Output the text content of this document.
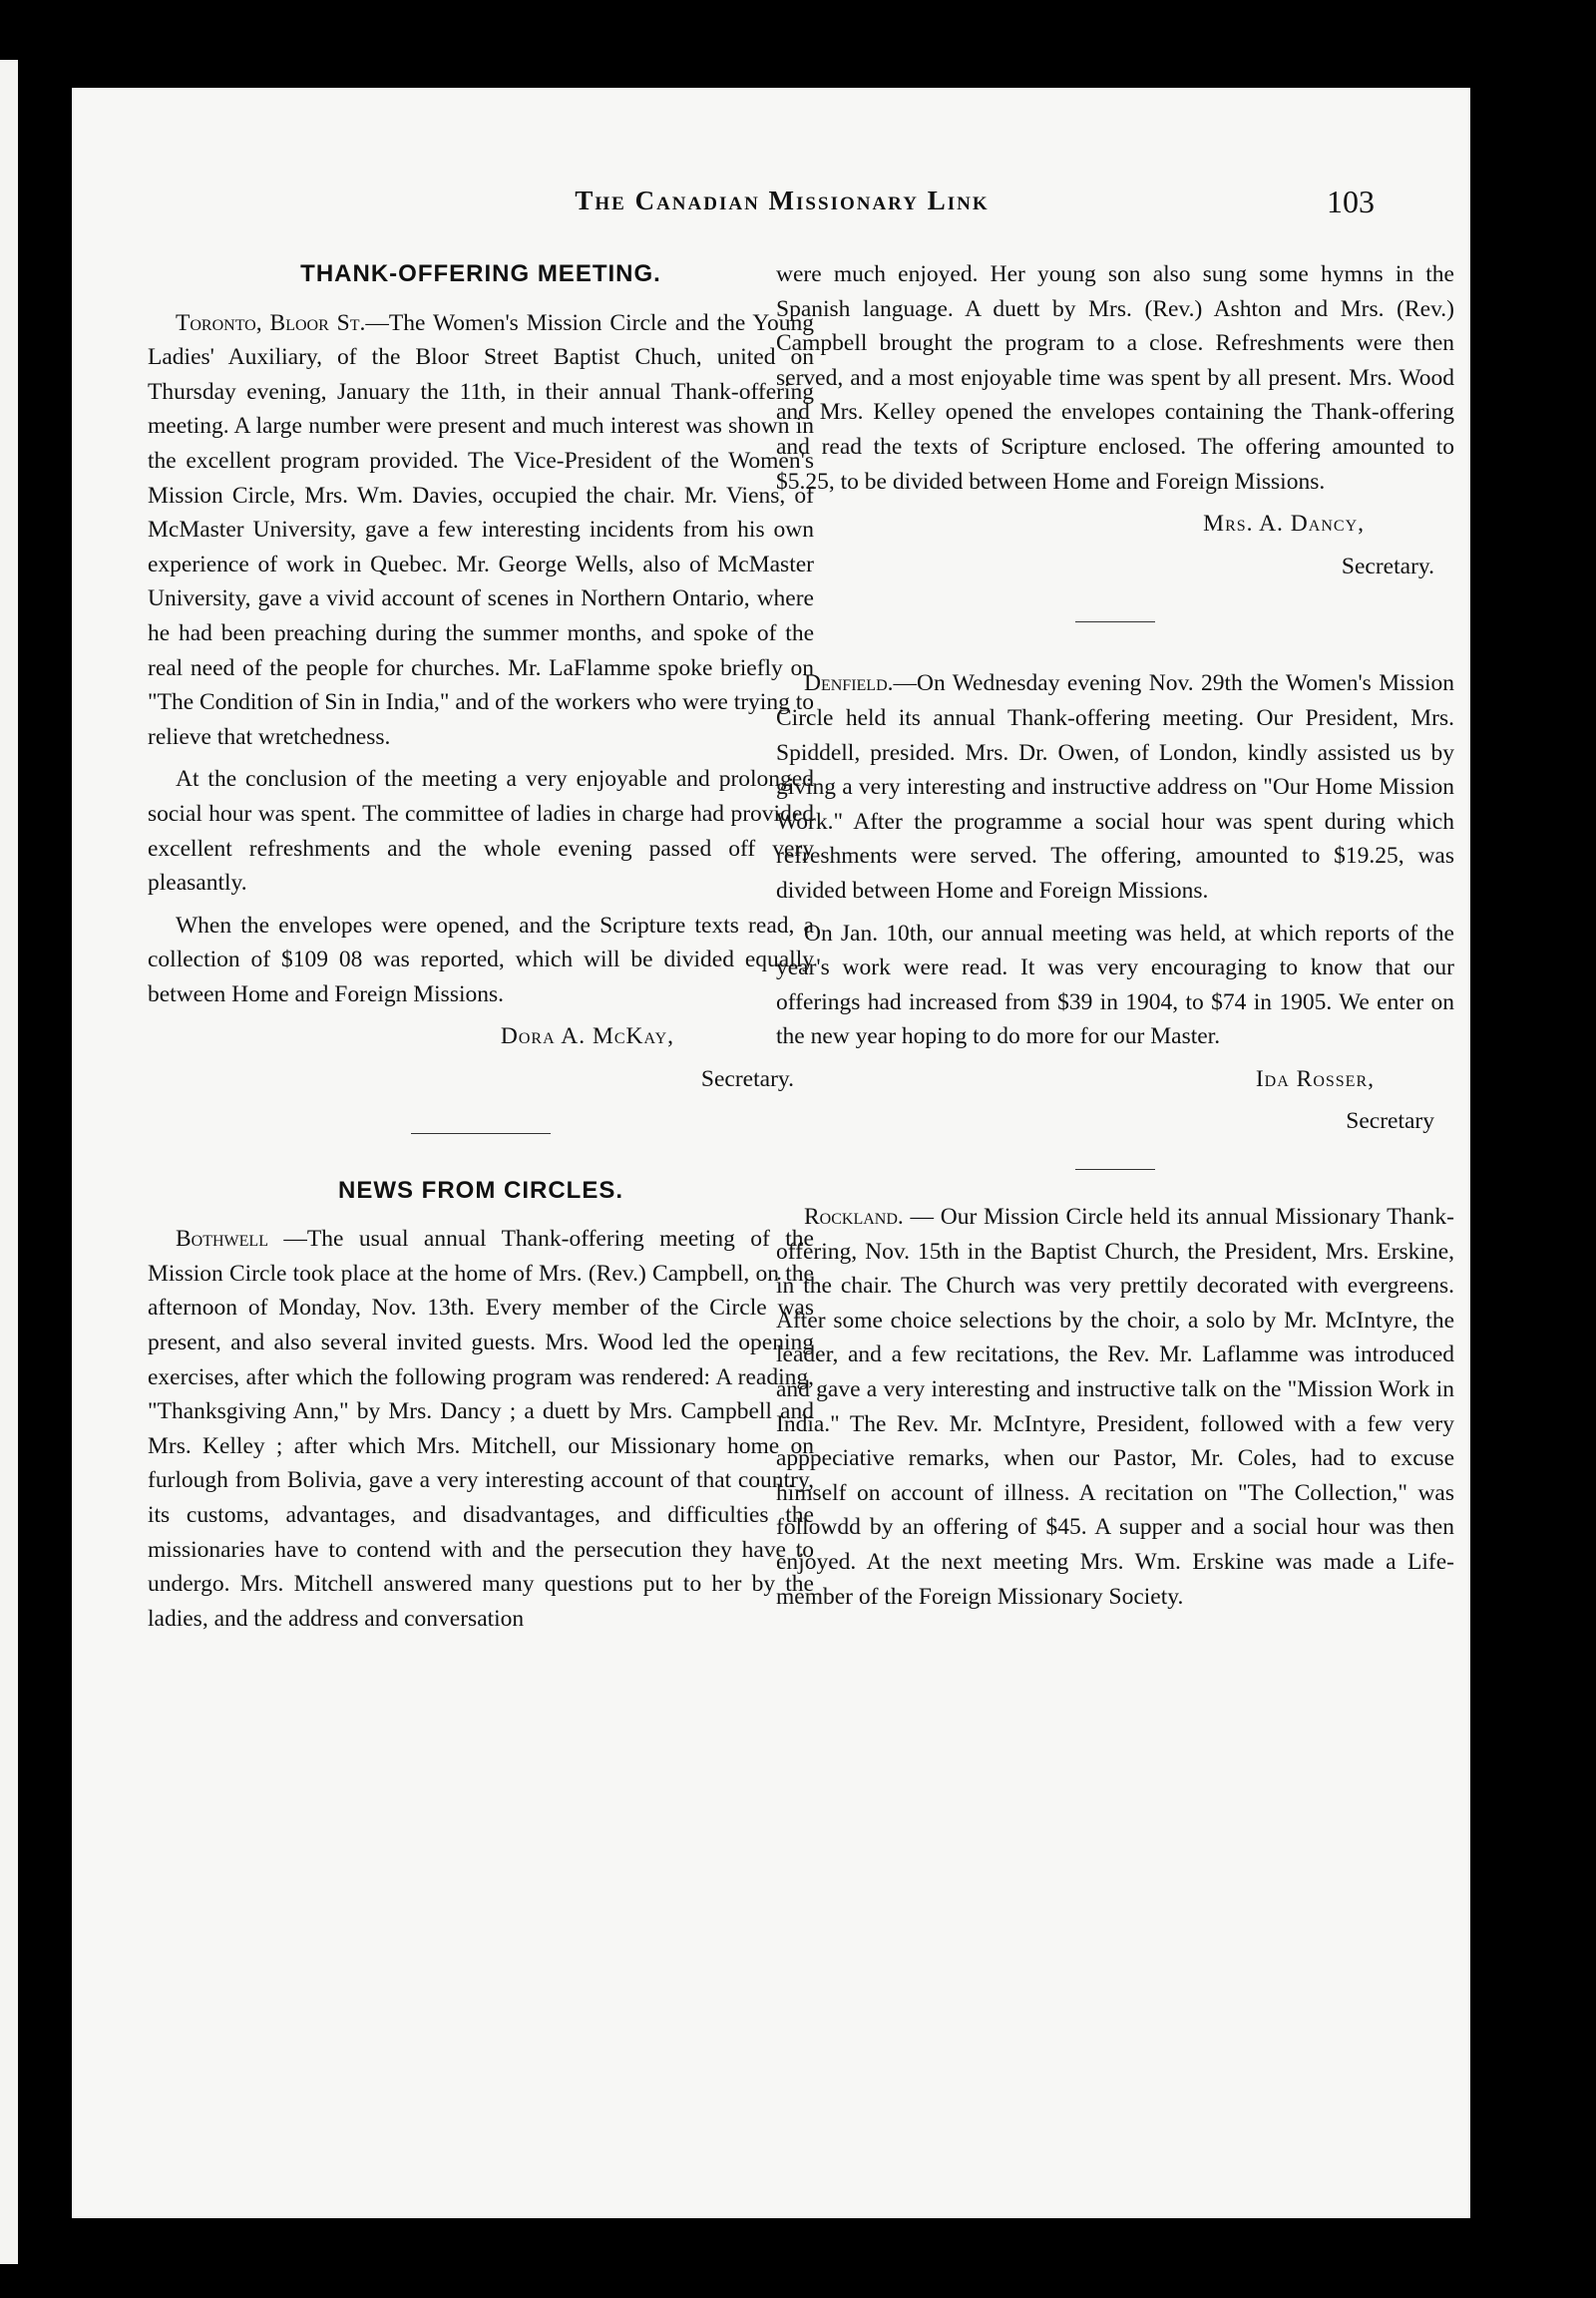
The Canadian Missionary Link	103
THANK-OFFERING MEETING.

Toronto, Bloor St.—The Women's Mission Circle and the Young Ladies' Auxiliary, of the Bloor Street Baptist Chuch, united on Thursday evening, January the 11th, in their annual Thank-offering meeting. A large number were present and much interest was shown in the excellent program provided. The Vice-President of the Women's Mission Circle, Mrs. Wm. Davies, occupied the chair. Mr. Viens, of McMaster University, gave a few interesting incidents from his own experience of work in Quebec. Mr. George Wells, also of McMaster University, gave a vivid account of scenes in Northern Ontario, where he had been preaching during the summer months, and spoke of the real need of the people for churches. Mr. LaFlamme spoke briefly on "The Condition of Sin in India," and of the workers who were trying to relieve that wretchedness.

At the conclusion of the meeting a very enjoyable and prolonged social hour was spent. The committee of ladies in charge had provided excellent refreshments and the whole evening passed off very pleasantly.

When the envelopes were opened, and the Scripture texts read, a collection of $109 08 was reported, which will be divided equally between Home and Foreign Missions.

Dora A. McKay,

Secretary.

NEWS FROM CIRCLES.

Bothwell —The usual annual Thank-offering meeting of the Mission Circle took place at the home of Mrs. (Rev.) Campbell, on the afternoon of Monday, Nov. 13th. Every member of the Circle was present, and also several invited guests. Mrs. Wood led the opening exercises, after which the following program was rendered: A reading, "Thanksgiving Ann," by Mrs. Dancy ; a duett by Mrs. Campbell and Mrs. Kelley ; after which Mrs. Mitchell, our Missionary home on furlough from Bolivia, gave a very interesting account of that country, its customs, advantages, and disadvantages, and difficulties the missionaries have to contend with and the persecution they have to undergo. Mrs. Mitchell answered many questions put to her by the ladies, and the address and conversation

were much enjoyed. Her young son also sung some hymns in the Spanish language. A duett by Mrs. (Rev.) Ashton and Mrs. (Rev.) Campbell brought the program to a close. Refreshments were then served, and a most enjoyable time was spent by all present. Mrs. Wood and Mrs. Kelley opened the envelopes containing the Thank-offering and read the texts of Scripture enclosed. The offering amounted to $5.25, to be divided between Home and Foreign Missions.

Mrs. A. Dancy,

Secretary.

Denfield.—On Wednesday evening Nov. 29th the Women's Mission Circle held its annual Thank-offering meeting. Our President, Mrs. Spiddell, presided. Mrs. Dr. Owen, of London, kindly assisted us by giving a very interesting and instructive address on "Our Home Mission Work." After the programme a social hour was spent during which refreshments were served. The offering, amounted to $19.25, was divided between Home and Foreign Missions.

On Jan. 10th, our annual meeting was held, at which reports of the year's work were read. It was very encouraging to know that our offerings had increased from $39 in 1904, to $74 in 1905. We enter on the new year hoping to do more for our Master.

Ida Rosser,

Secretary

Rockland. — Our Mission Circle held its annual Missionary Thank-offering, Nov. 15th in the Baptist Church, the President, Mrs. Erskine, in the chair. The Church was very prettily decorated with evergreens. After some choice selections by the choir, a solo by Mr. McIntyre, the leader, and a few recitations, the Rev. Mr. Laflamme was introduced and gave a very interesting and instructive talk on the "Mission Work in India." The Rev. Mr. McIntyre, President, followed with a few very apppeciative remarks, when our Pastor, Mr. Coles, had to excuse himself on account of illness. A recitation on "The Collection," was followdd by an offering of $45. A supper and a social hour was then enjoyed. At the next meeting Mrs. Wm. Erskine was made a Life-member of the Foreign Missionary Society.
